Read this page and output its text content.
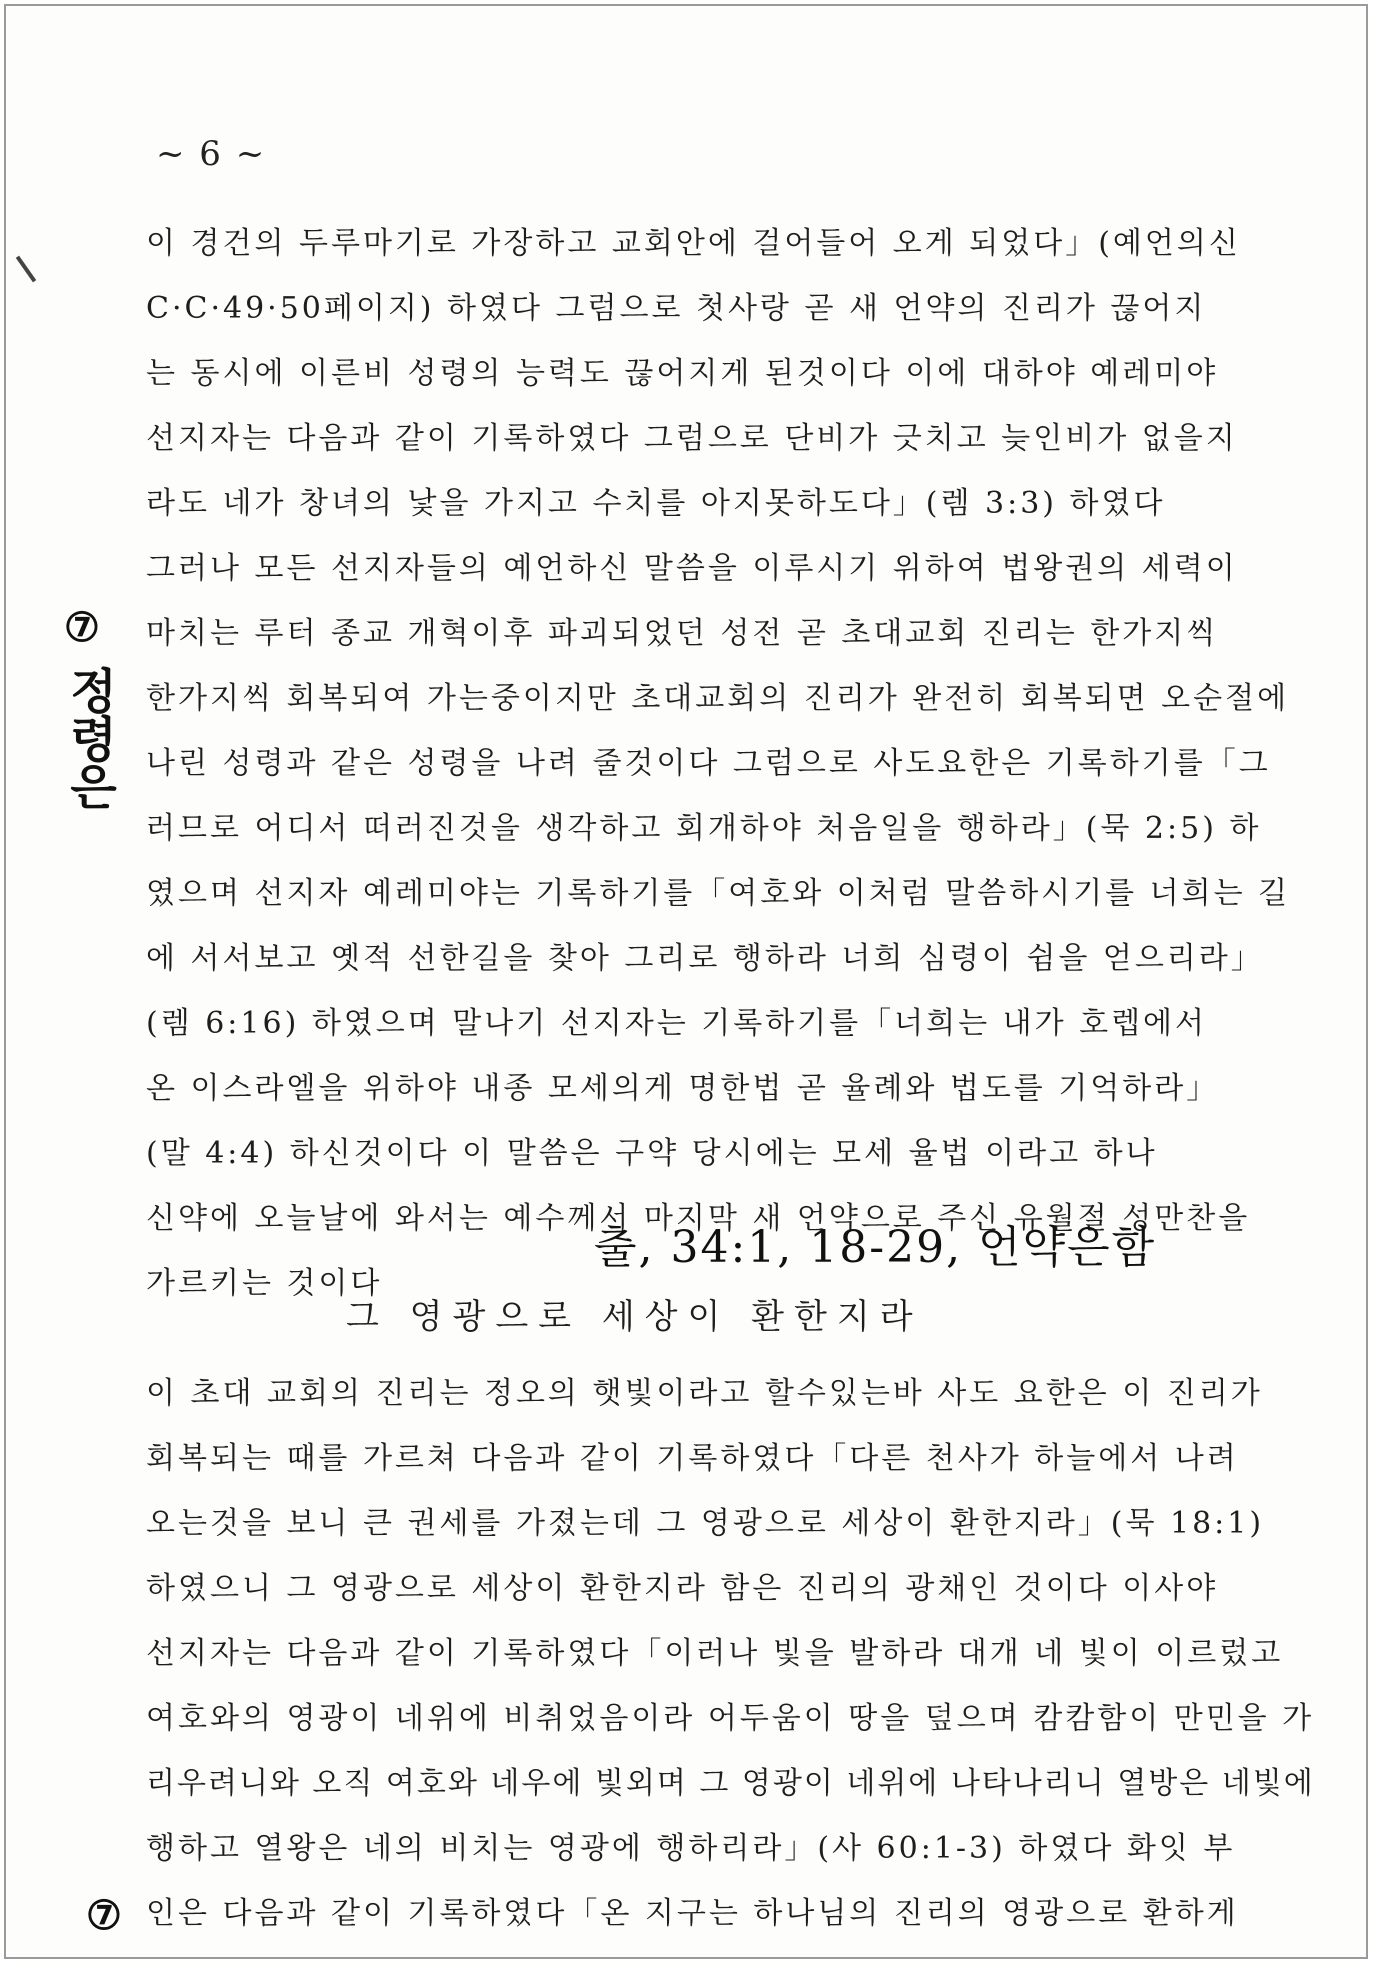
~ 6 ~
이 경건의 두루마기로 가장하고 교회안에 걸어들어 오게 되었다」(예언의신
C·C·49·50페이지) 하였다 그럼으로 첫사랑 곧 새 언약의 진리가 끊어지
는 동시에 이른비 성령의 능력도 끊어지게 된것이다 이에 대하야 예레미야
선지자는 다음과 같이 기록하였다 그럼으로 단비가 긋치고 늦인비가 없을지
라도 네가 창녀의 낯을 가지고 수치를 아지못하도다」(렘 3:3) 하였다
그러나 모든 선지자들의 예언하신 말씀을 이루시기 위하여 법왕권의 세력이
마치는 루터 종교 개혁이후 파괴되었던 성전 곧 초대교회 진리는 한가지씩
한가지씩 회복되여 가는중이지만 초대교회의 진리가 완전히 회복되면 오순절에
나린 성령과 같은 성령을 나려 줄것이다 그럼으로 사도요한은 기록하기를「그
러므로 어디서 떠러진것을 생각하고 회개하야 처음일을 행하라」(묵 2:5) 하
였으며 선지자 예레미야는 기록하기를「여호와 이처럼 말씀하시기를 너희는 길
에 서서보고 옛적 선한길을 찾아 그리로 행하라 너희 심령이 쉼을 얻으리라」
(렘 6:16) 하였으며 말나기 선지자는 기록하기를「너희는 내가 호렙에서
온 이스라엘을 위하야 내종 모세의게 명한법 곧 율례와 법도를 기억하라」
(말 4:4) 하신것이다 이 말씀은 구약 당시에는 모세 율법 이라고 하나
신약에 오늘날에 와서는 예수께서 마지막 새 언약으로 주신 유월절 성만찬을
가르키는 것이다
출, 34:1, 18-29, 언약은함
그 영광으로 세상이 환한지라
이 초대 교회의 진리는 정오의 햇빛이라고 할수있는바 사도 요한은 이 진리가
회복되는 때를 가르쳐 다음과 같이 기록하였다「다른 천사가 하늘에서 나려
오는것을 보니 큰 권세를 가졌는데 그 영광으로 세상이 환한지라」(묵 18:1)
하였으니 그 영광으로 세상이 환한지라 함은 진리의 광채인 것이다 이사야
선지자는 다음과 같이 기록하였다「이러나 빛을 발하라 대개 네 빛이 이르렀고
여호와의 영광이 네위에 비취었음이라 어두움이 땅을 덮으며 캄캄함이 만민을 가
리우려니와 오직 여호와 네우에 빛외며 그 영광이 네위에 나타나리니 열방은 네빛에
행하고 열왕은 네의 비치는 영광에 행하리라」(사 60:1-3) 하였다 화잇 부
인은 다음과 같이 기록하였다「온 지구는 하나님의 진리의 영광으로 환하게
⑦
정령은
⑦
